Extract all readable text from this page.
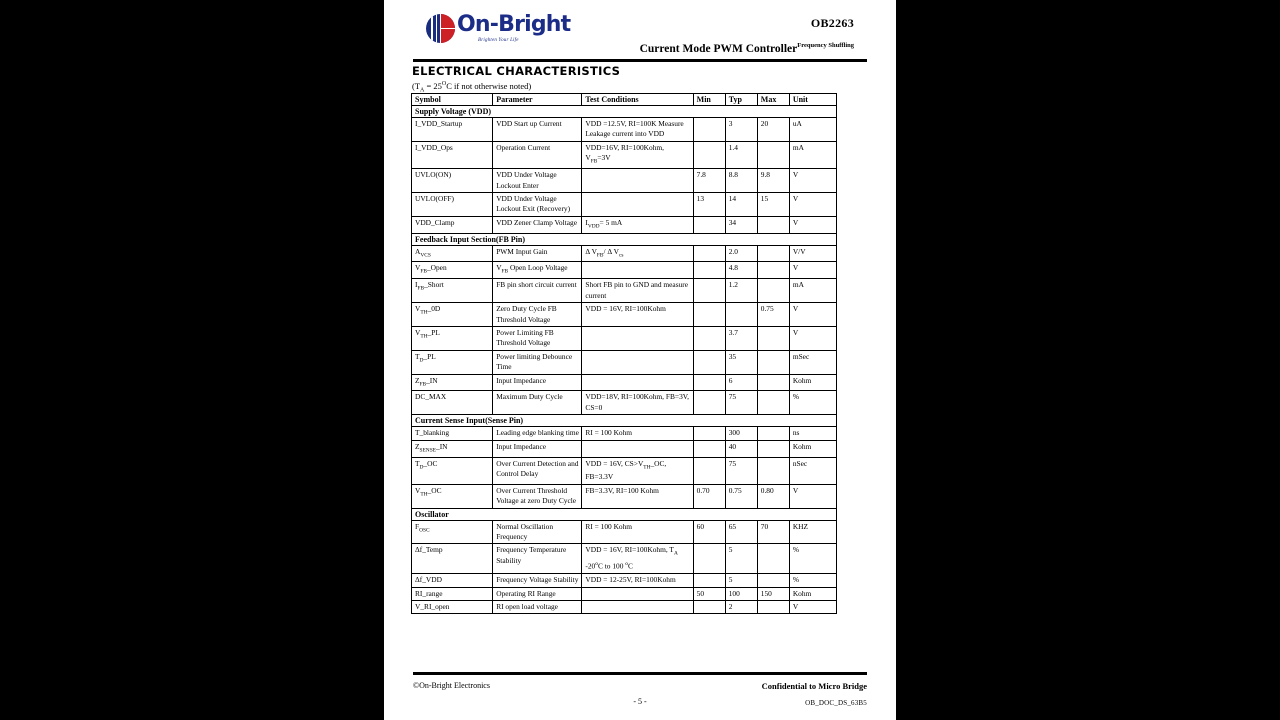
On-Bright
Brighten Your Life
OB2263
Current Mode PWM Controller$^{Frequency Shuffling}$
ELECTRICAL CHARACTERISTICS
($T_A = 25^OC$ if not otherwise noted)
Symbol	Parameter	Test Conditions	Min	Typ	Max	Unit
Supply Voltage (VDD)						
I_VDD_Startup	VDD Start up Current	VDD =12.5V, RI=100K Measure Leakage current into VDD		3	20	uA
I_VDD_Ops	Operation Current	VDD=16V, RI=100Kohm, $V_{FB}=3V$		1.4		mA
UVLO(ON)	VDD Under Voltage Lockout Enter		7.8	8.8	9.8	V
UVLO(OFF)	VDD Under Voltage Lockout Exit (Recovery)		13	14	15	V
VDD_Clamp	VDD Zener Clamp Voltage	$I_{VDD}= 5$ mA		34		V
Feedback Input Section(FB Pin)						
$A_{VCS}$	PWM Input Gain	Δ $V_{FB}/$ Δ $V_{cs}$		2.0		V/V
$V_{FB}\_Open$	$V_{FB}$ Open Loop Voltage			4.8		V
$I_{FB}\_Short$	FB pin short circuit current	Short FB pin to GND and measure current		1.2		mA
$V_{TH}\_0D$	Zero Duty Cycle FB Threshold Voltage	VDD = 16V, RI=100Kohm			0.75	V
$V_{TH}\_PL$	Power Limiting FB Threshold Voltage			3.7		V
$T_D\_PL$	Power limiting Debounce Time			35		mSec
$Z_{FB}\_IN$	Input Impedance			6		Kohm
DC_MAX	Maximum Duty Cycle	VDD=18V, RI=100Kohm, FB=3V, CS=0		75		%
Current Sense Input(Sense Pin)						
T_blanking	Leading edge blanking time	RI = 100 Kohm		300		ns
$Z_{SENSE}\_IN$	Input Impedance			40		Kohm
$T_D\_OC$	Over Current Detection and Control Delay	VDD = 16V, $CS>V_{TH}\_OC$, FB=3.3V		75		nSec
$V_{TH}\_OC$	Over Current Threshold Voltage at zero Duty Cycle	FB=3.3V, RI=100 Kohm	0.70	0.75	0.80	V
Oscillator						
$F_{OSC}$	Normal Oscillation Frequency	RI = 100 Kohm	60	65	70	KHZ
Δf_Temp	Frequency Temperature Stability	VDD = 16V, RI=100Kohm, $T_A$ -20$^o$C to 100 $^o$C		5		%
Δf_VDD	Frequency Voltage Stability	VDD = 12-25V, RI=100Kohm		5		%
RI_range	Operating RI Range		50	100	150	Kohm
V_RI_open	RI open load voltage			2		V
©On-Bright Electronics	Confidential to Micro Bridge
- 5 -	OB_DOC_DS_63B5
